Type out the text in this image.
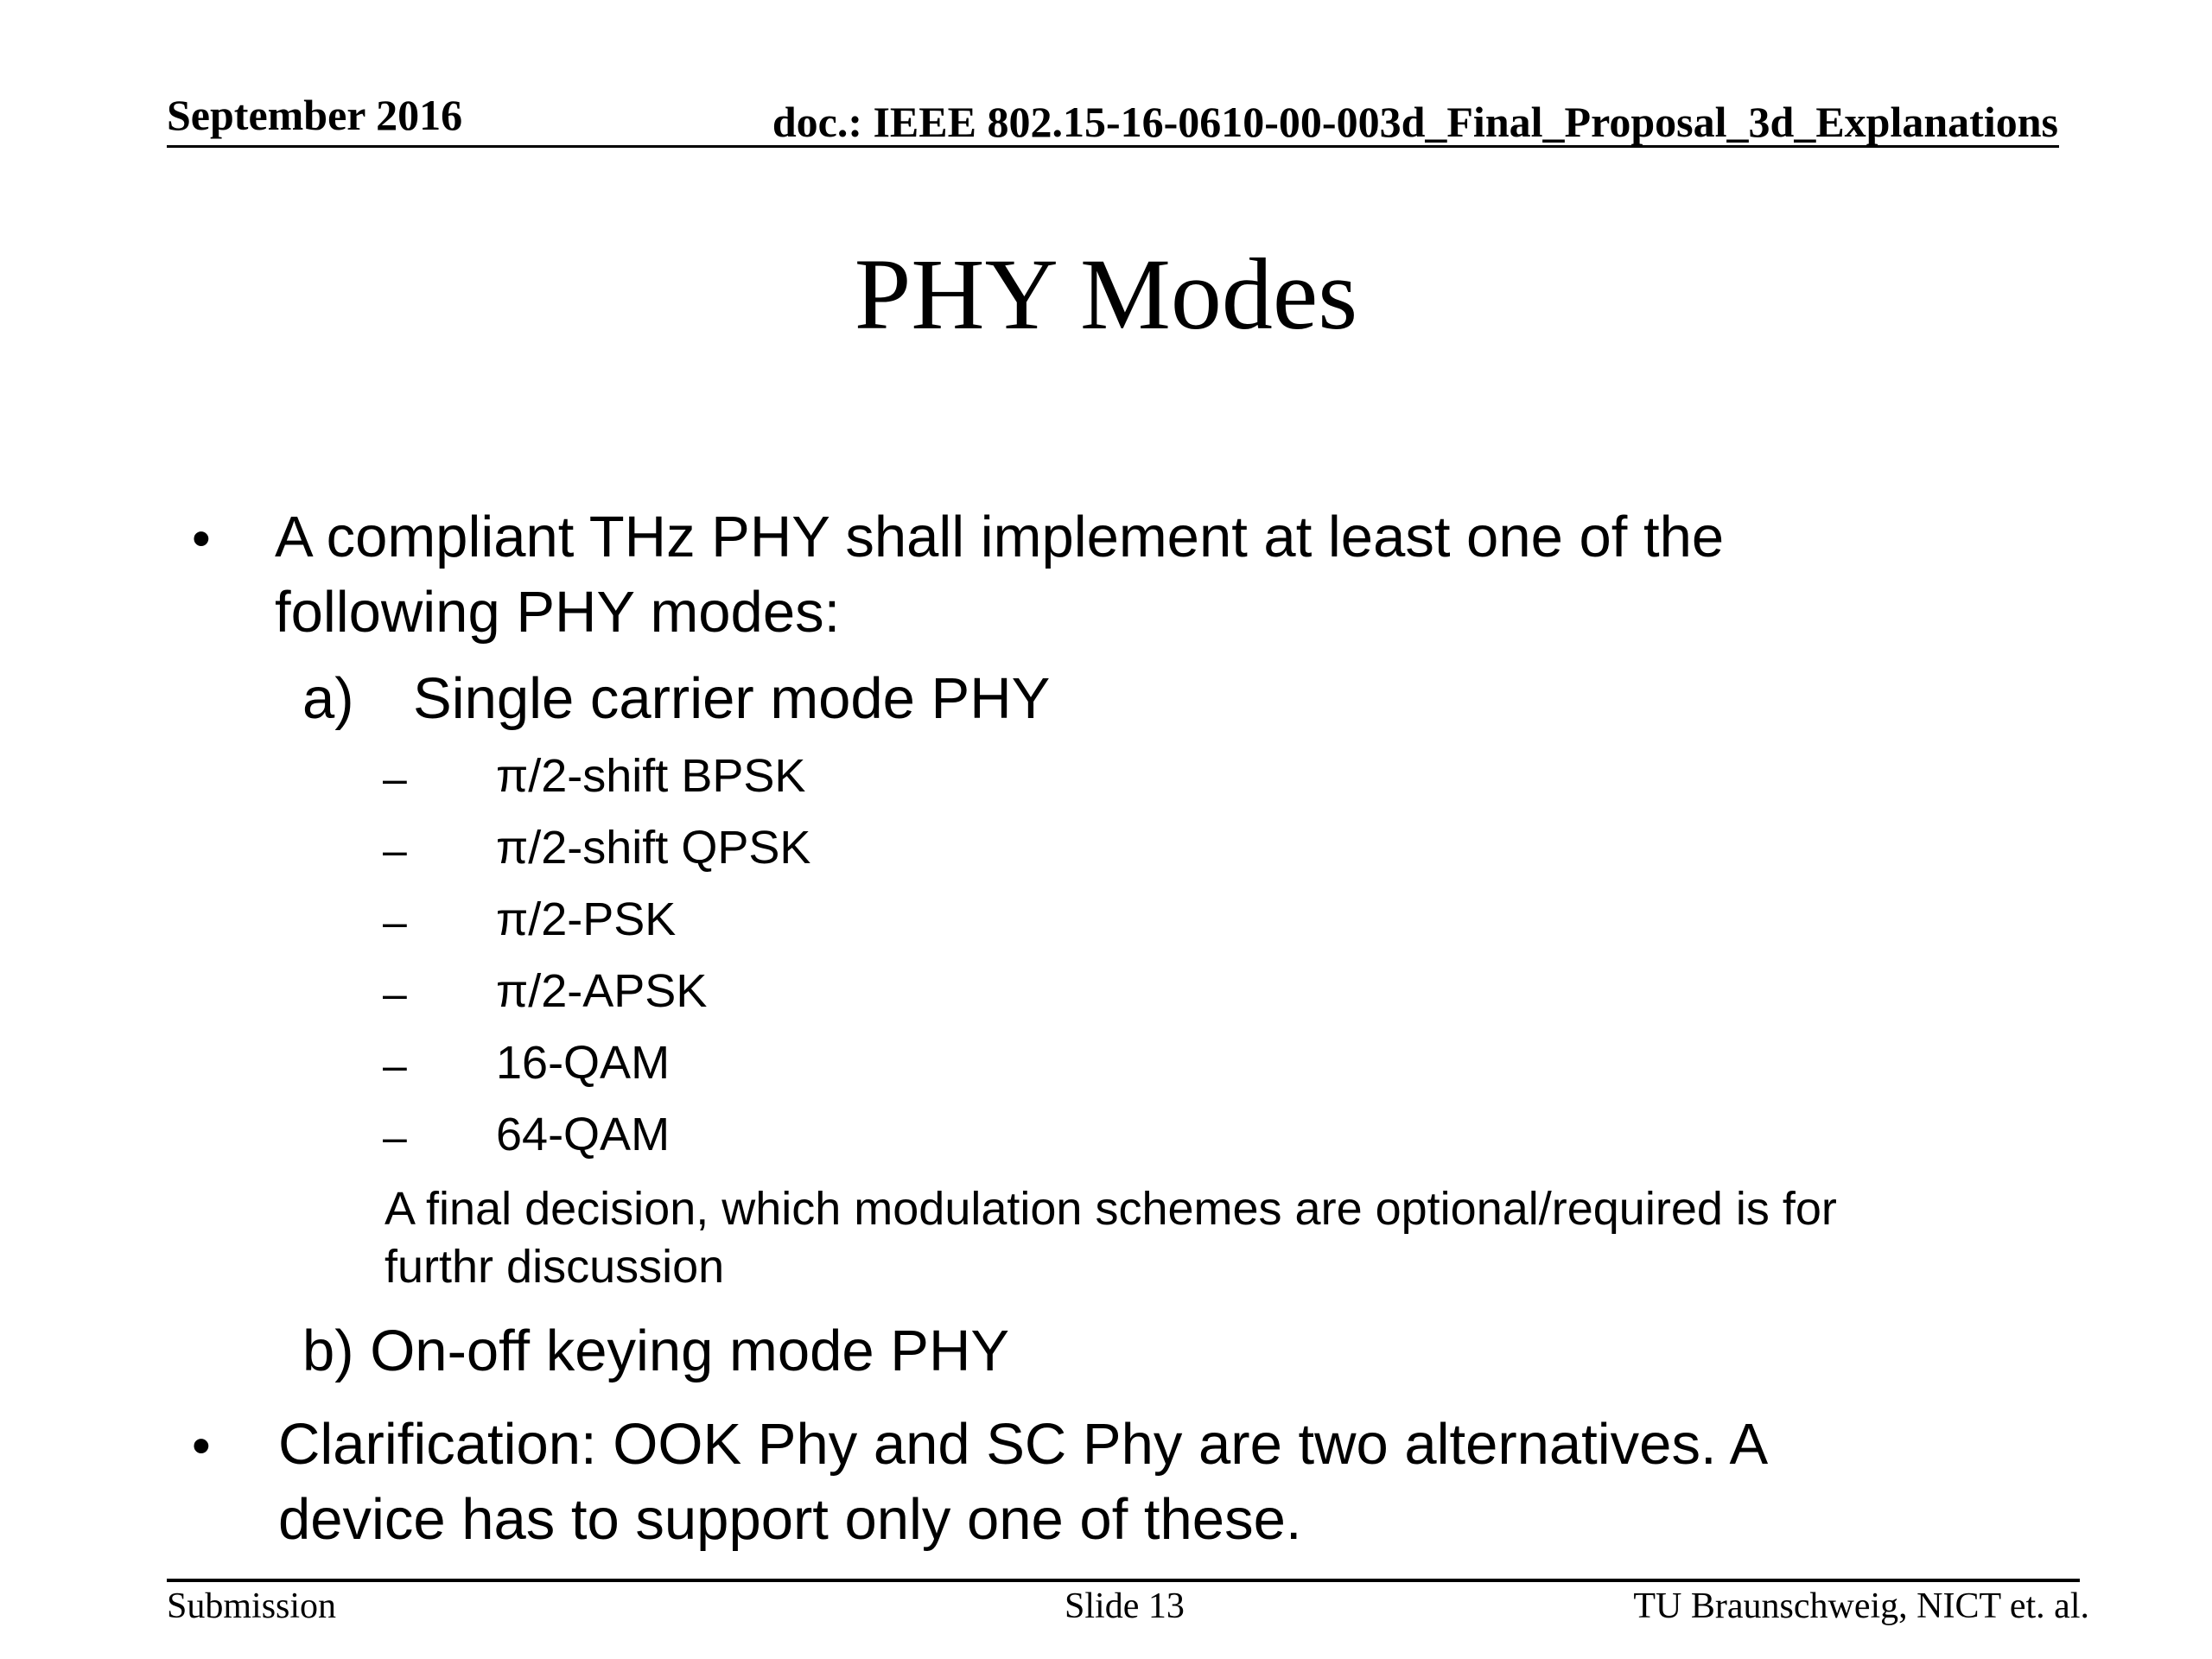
September 2016	doc.: IEEE 802.15-16-0610-00-003d_Final_Proposal_3d_Explanations
PHY Modes
• A compliant THz PHY shall implement at least one of the
following PHY modes:
a) Single carrier mode PHY
– π/2-shift BPSK
– π/2-shift QPSK
– π/2-PSK
– π/2-APSK
– 16-QAM
– 64-QAM
A final decision, which modulation schemes are optional/required is for
furthr discussion
b) On-off keying mode PHY
• Clarification: OOK Phy and SC Phy are two alternatives. A
device has to support only one of these.
Submission	Slide 13	TU Braunschweig, NICT et. al.
